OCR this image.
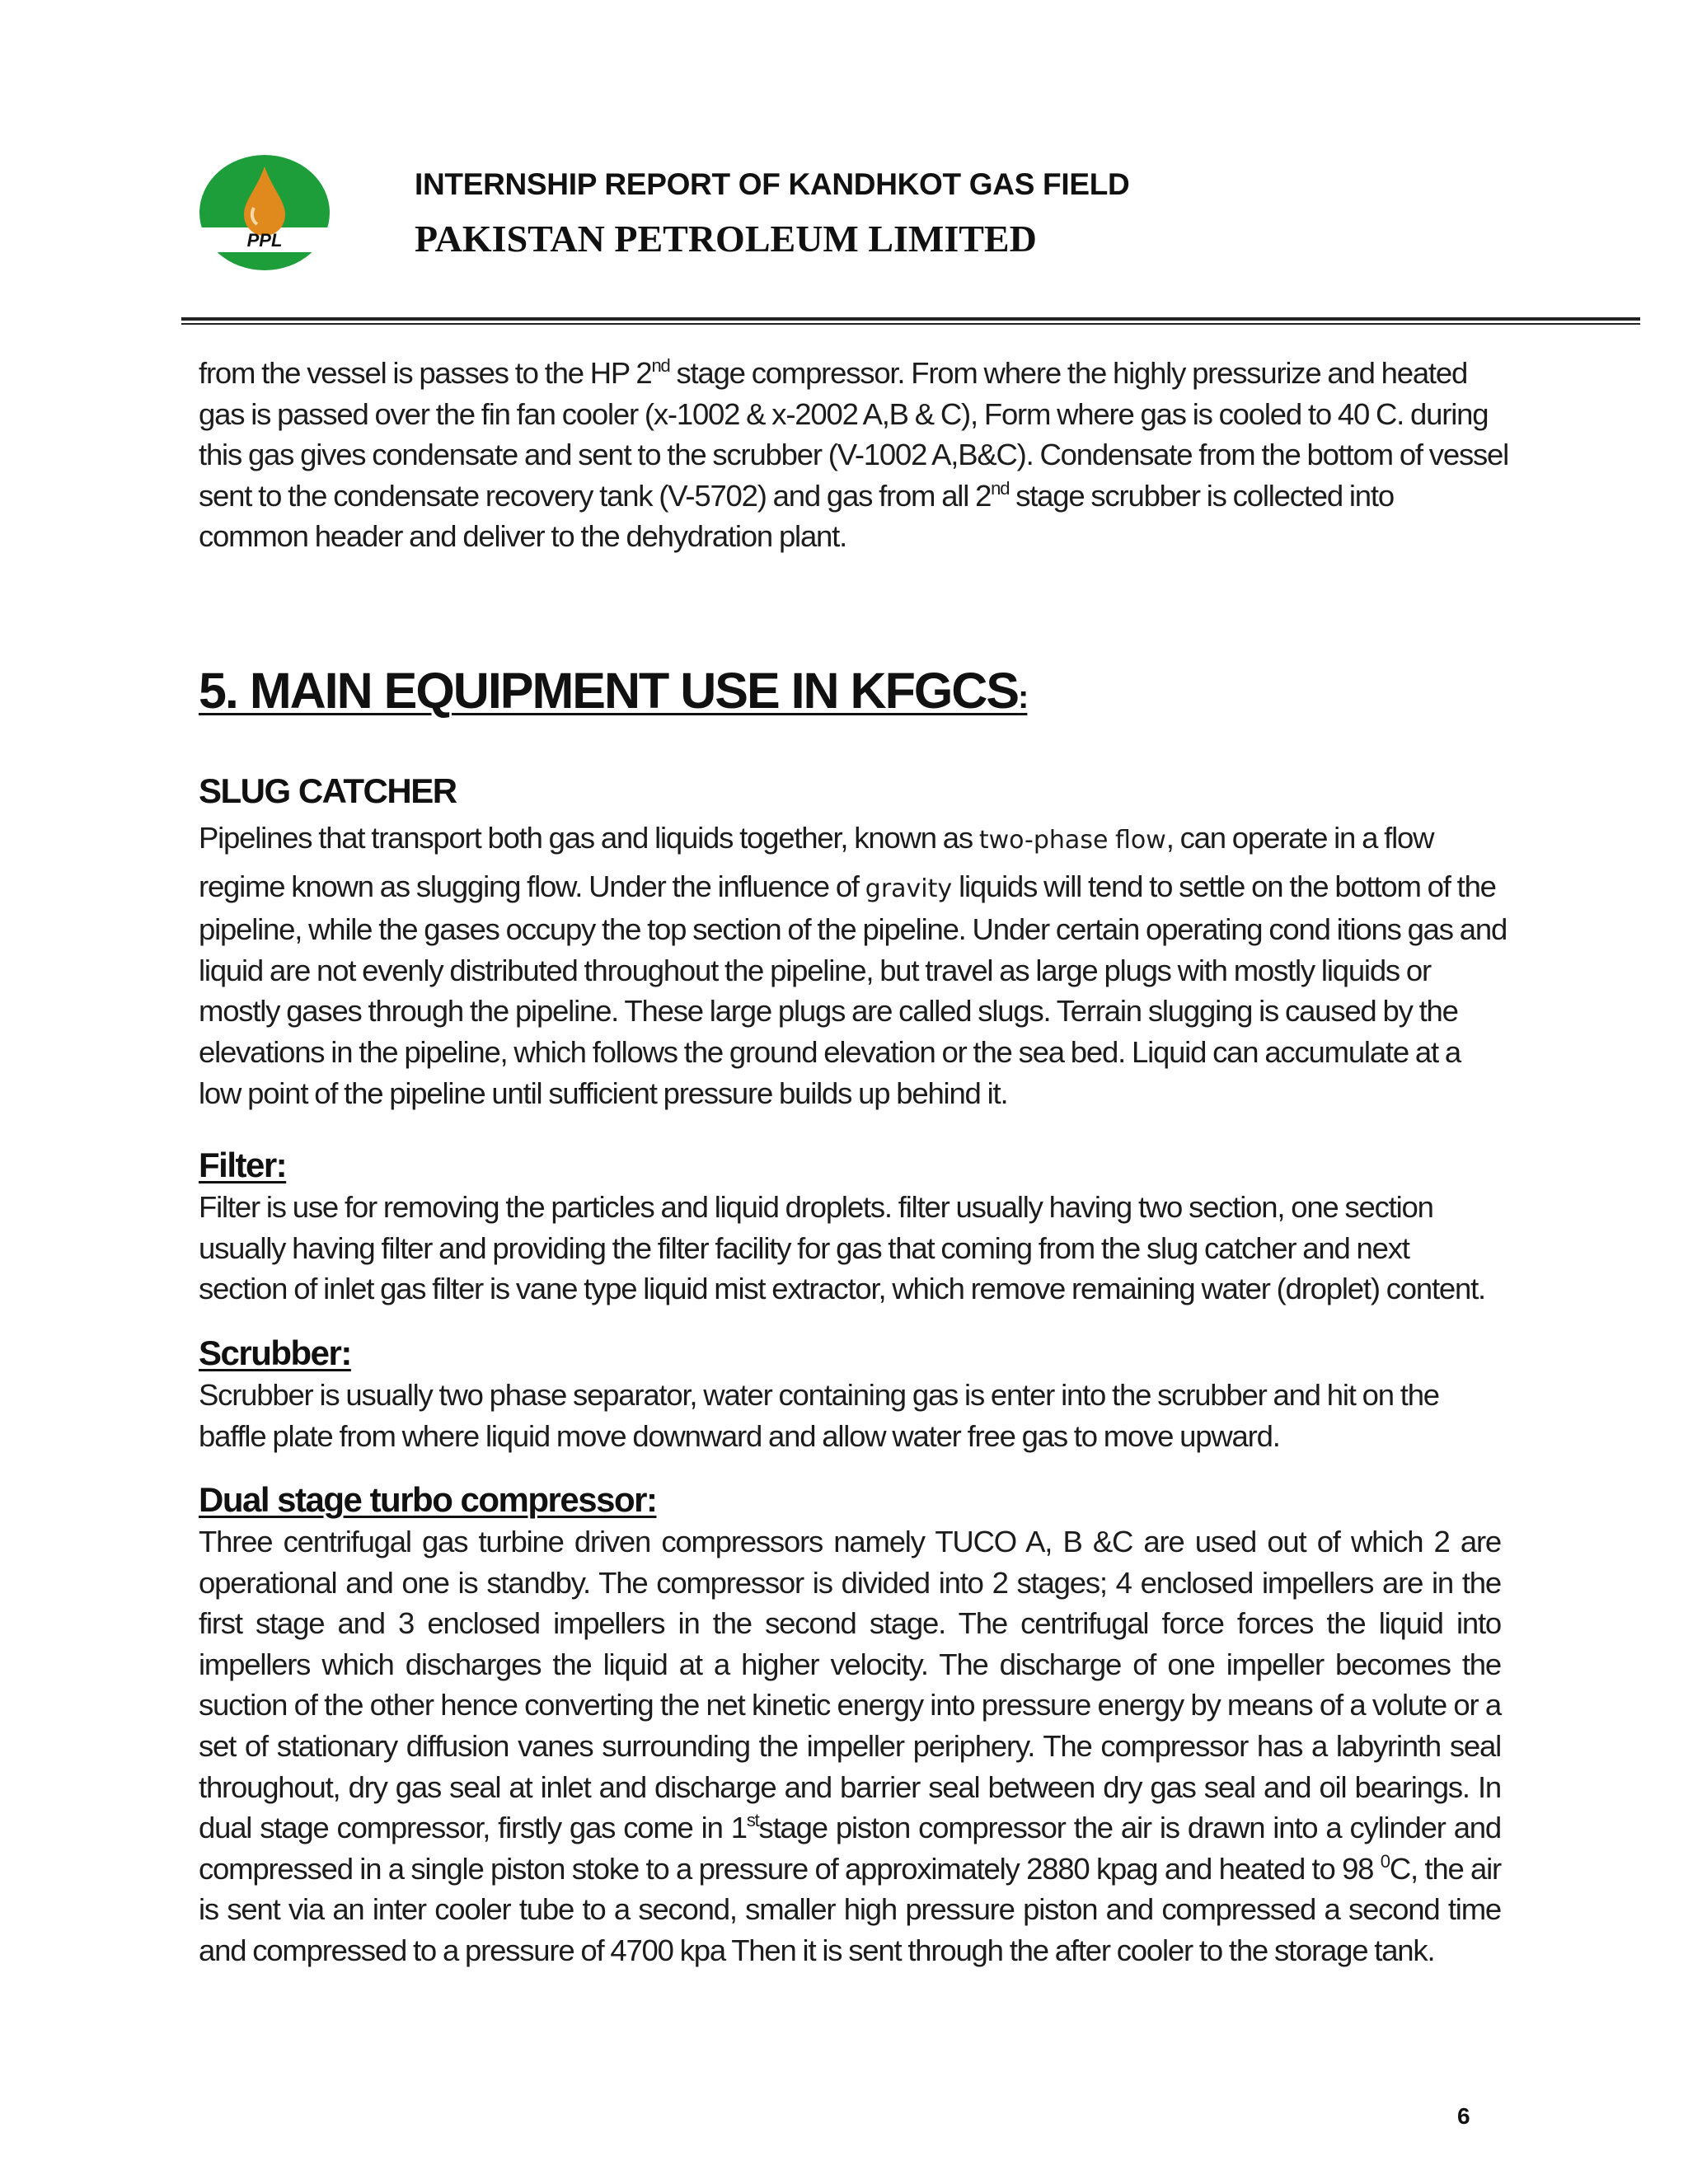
PPL
INTERNSHIP REPORT OF KANDHKOT GAS FIELD
PAKISTAN PETROLEUM LIMITED

from the vessel is passes to the HP 2nd stage compressor. From where the highly pressurize and heated
gas is passed over the fin fan cooler (x-1002 & x-2002 A,B & C), Form where gas is cooled to 40 C. during
this gas gives condensate and sent to the scrubber (V-1002 A,B&C). Condensate from the bottom of vessel
sent to the condensate recovery tank (V-5702) and gas from all 2nd stage scrubber is collected into
common header and deliver to the dehydration plant.

5. MAIN EQUIPMENT USE IN KFGCS:
SLUG CATCHER

Pipelines that transport both gas and liquids together, known as two-phase flow, can operate in a flow
regime known as slugging flow. Under the influence of gravity liquids will tend to settle on the bottom of the
pipeline, while the gases occupy the top section of the pipeline. Under certain operating cond itions gas and
liquid are not evenly distributed throughout the pipeline, but travel as large plugs with mostly liquids or
mostly gases through the pipeline. These large plugs are called slugs. Terrain slugging is caused by the
elevations in the pipeline, which follows the ground elevation or the sea bed. Liquid can accumulate at a
low point of the pipeline until sufficient pressure builds up behind it.

Filter:

Filter is use for removing the particles and liquid droplets. filter usually having two section, one section
usually having filter and providing the filter facility for gas that coming from the slug catcher and next
section of inlet gas filter is vane type liquid mist extractor, which remove remaining water (droplet) content.

Scrubber:

Scrubber is usually two phase separator, water containing gas is enter into the scrubber and hit on the
baffle plate from where liquid move downward and allow water free gas to move upward.

Dual stage turbo compressor:

Three centrifugal gas turbine driven compressors namely TUCO A, B &C are used out of which 2 are
operational and one is standby. The compressor is divided into 2 stages; 4 enclosed impellers are in the
first stage and 3 enclosed impellers in the second stage. The centrifugal force forces the liquid into
impellers which discharges the liquid at a higher velocity. The discharge of one impeller becomes the
suction of the other hence converting the net kinetic energy into pressure energy by means of a volute or a
set of stationary diffusion vanes surrounding the impeller periphery. The compressor has a labyrinth seal
throughout, dry gas seal at inlet and discharge and barrier seal between dry gas seal and oil bearings. In
dual stage compressor, firstly gas come in 1ststage piston compressor the air is drawn into a cylinder and
compressed in a single piston stoke to a pressure of approximately 2880 kpag and heated to 98 $^0$C, the air
is sent via an inter cooler tube to a second, smaller high pressure piston and compressed a second time
and compressed to a pressure of 4700 kpa Then it is sent through the after cooler to the storage tank.

6
